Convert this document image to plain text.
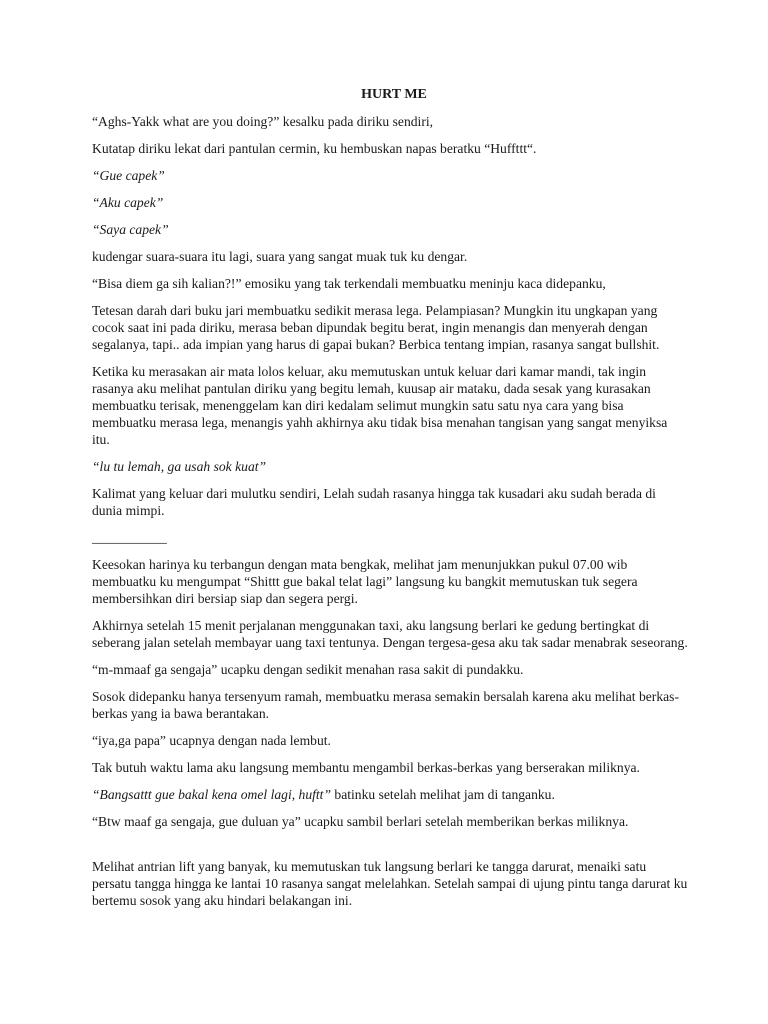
HURT ME

“Aghs-Yakk what are you doing?” kesalku pada diriku sendiri,

Kutatap diriku lekat dari pantulan cermin, ku hembuskan napas beratku “Huffttt“.

“Gue capek”

“Aku capek”

“Saya capek”

kudengar suara-suara itu lagi, suara yang sangat muak tuk ku dengar.

“Bisa diem ga sih kalian?!” emosiku yang tak terkendali membuatku meninju kaca didepanku,

Tetesan darah dari buku jari membuatku sedikit merasa lega. Pelampiasan? Mungkin itu ungkapan yang cocok saat ini pada diriku, merasa beban dipundak begitu berat, ingin menangis dan menyerah dengan segalanya, tapi.. ada impian yang harus di gapai bukan? Berbica tentang impian, rasanya sangat bullshit.

Ketika ku merasakan air mata lolos keluar, aku memutuskan untuk keluar dari kamar mandi, tak ingin rasanya aku melihat pantulan diriku yang begitu lemah, kuusap air mataku, dada sesak yang kurasakan membuatku terisak, menenggelam kan diri kedalam selimut mungkin satu satu nya cara yang bisa membuatku merasa lega, menangis yahh akhirnya aku tidak bisa menahan tangisan yang sangat menyiksa itu.

“lu tu lemah, ga usah sok kuat”

Kalimat yang keluar dari mulutku sendiri, Lelah sudah rasanya hingga tak kusadari aku sudah berada di dunia mimpi.

___________

Keesokan harinya ku terbangun dengan mata bengkak, melihat jam menunjukkan pukul 07.00 wib membuatku ku mengumpat “Shittt gue bakal telat lagi” langsung ku bangkit memutuskan tuk segera membersihkan diri bersiap siap dan segera pergi.

Akhirnya setelah 15 menit perjalanan menggunakan taxi, aku langsung berlari ke gedung bertingkat di seberang jalan setelah membayar uang taxi tentunya. Dengan tergesa-gesa aku tak sadar menabrak seseorang.

“m-mmaaf ga sengaja” ucapku dengan sedikit menahan rasa sakit di pundakku.

Sosok didepanku hanya tersenyum ramah, membuatku merasa semakin bersalah karena aku melihat berkas-berkas yang ia bawa berantakan.

“iya,ga papa” ucapnya dengan nada lembut.

Tak butuh waktu lama aku langsung membantu mengambil berkas-berkas yang berserakan miliknya.

“Bangsattt gue bakal kena omel lagi, huftt” batinku setelah melihat jam di tanganku.

“Btw maaf ga sengaja, gue duluan ya” ucapku sambil berlari setelah memberikan berkas miliknya.

Melihat antrian lift yang banyak, ku memutuskan tuk langsung berlari ke tangga darurat, menaiki satu persatu tangga hingga ke lantai 10 rasanya sangat melelahkan. Setelah sampai di ujung pintu tanga darurat ku bertemu sosok yang aku hindari belakangan ini.
